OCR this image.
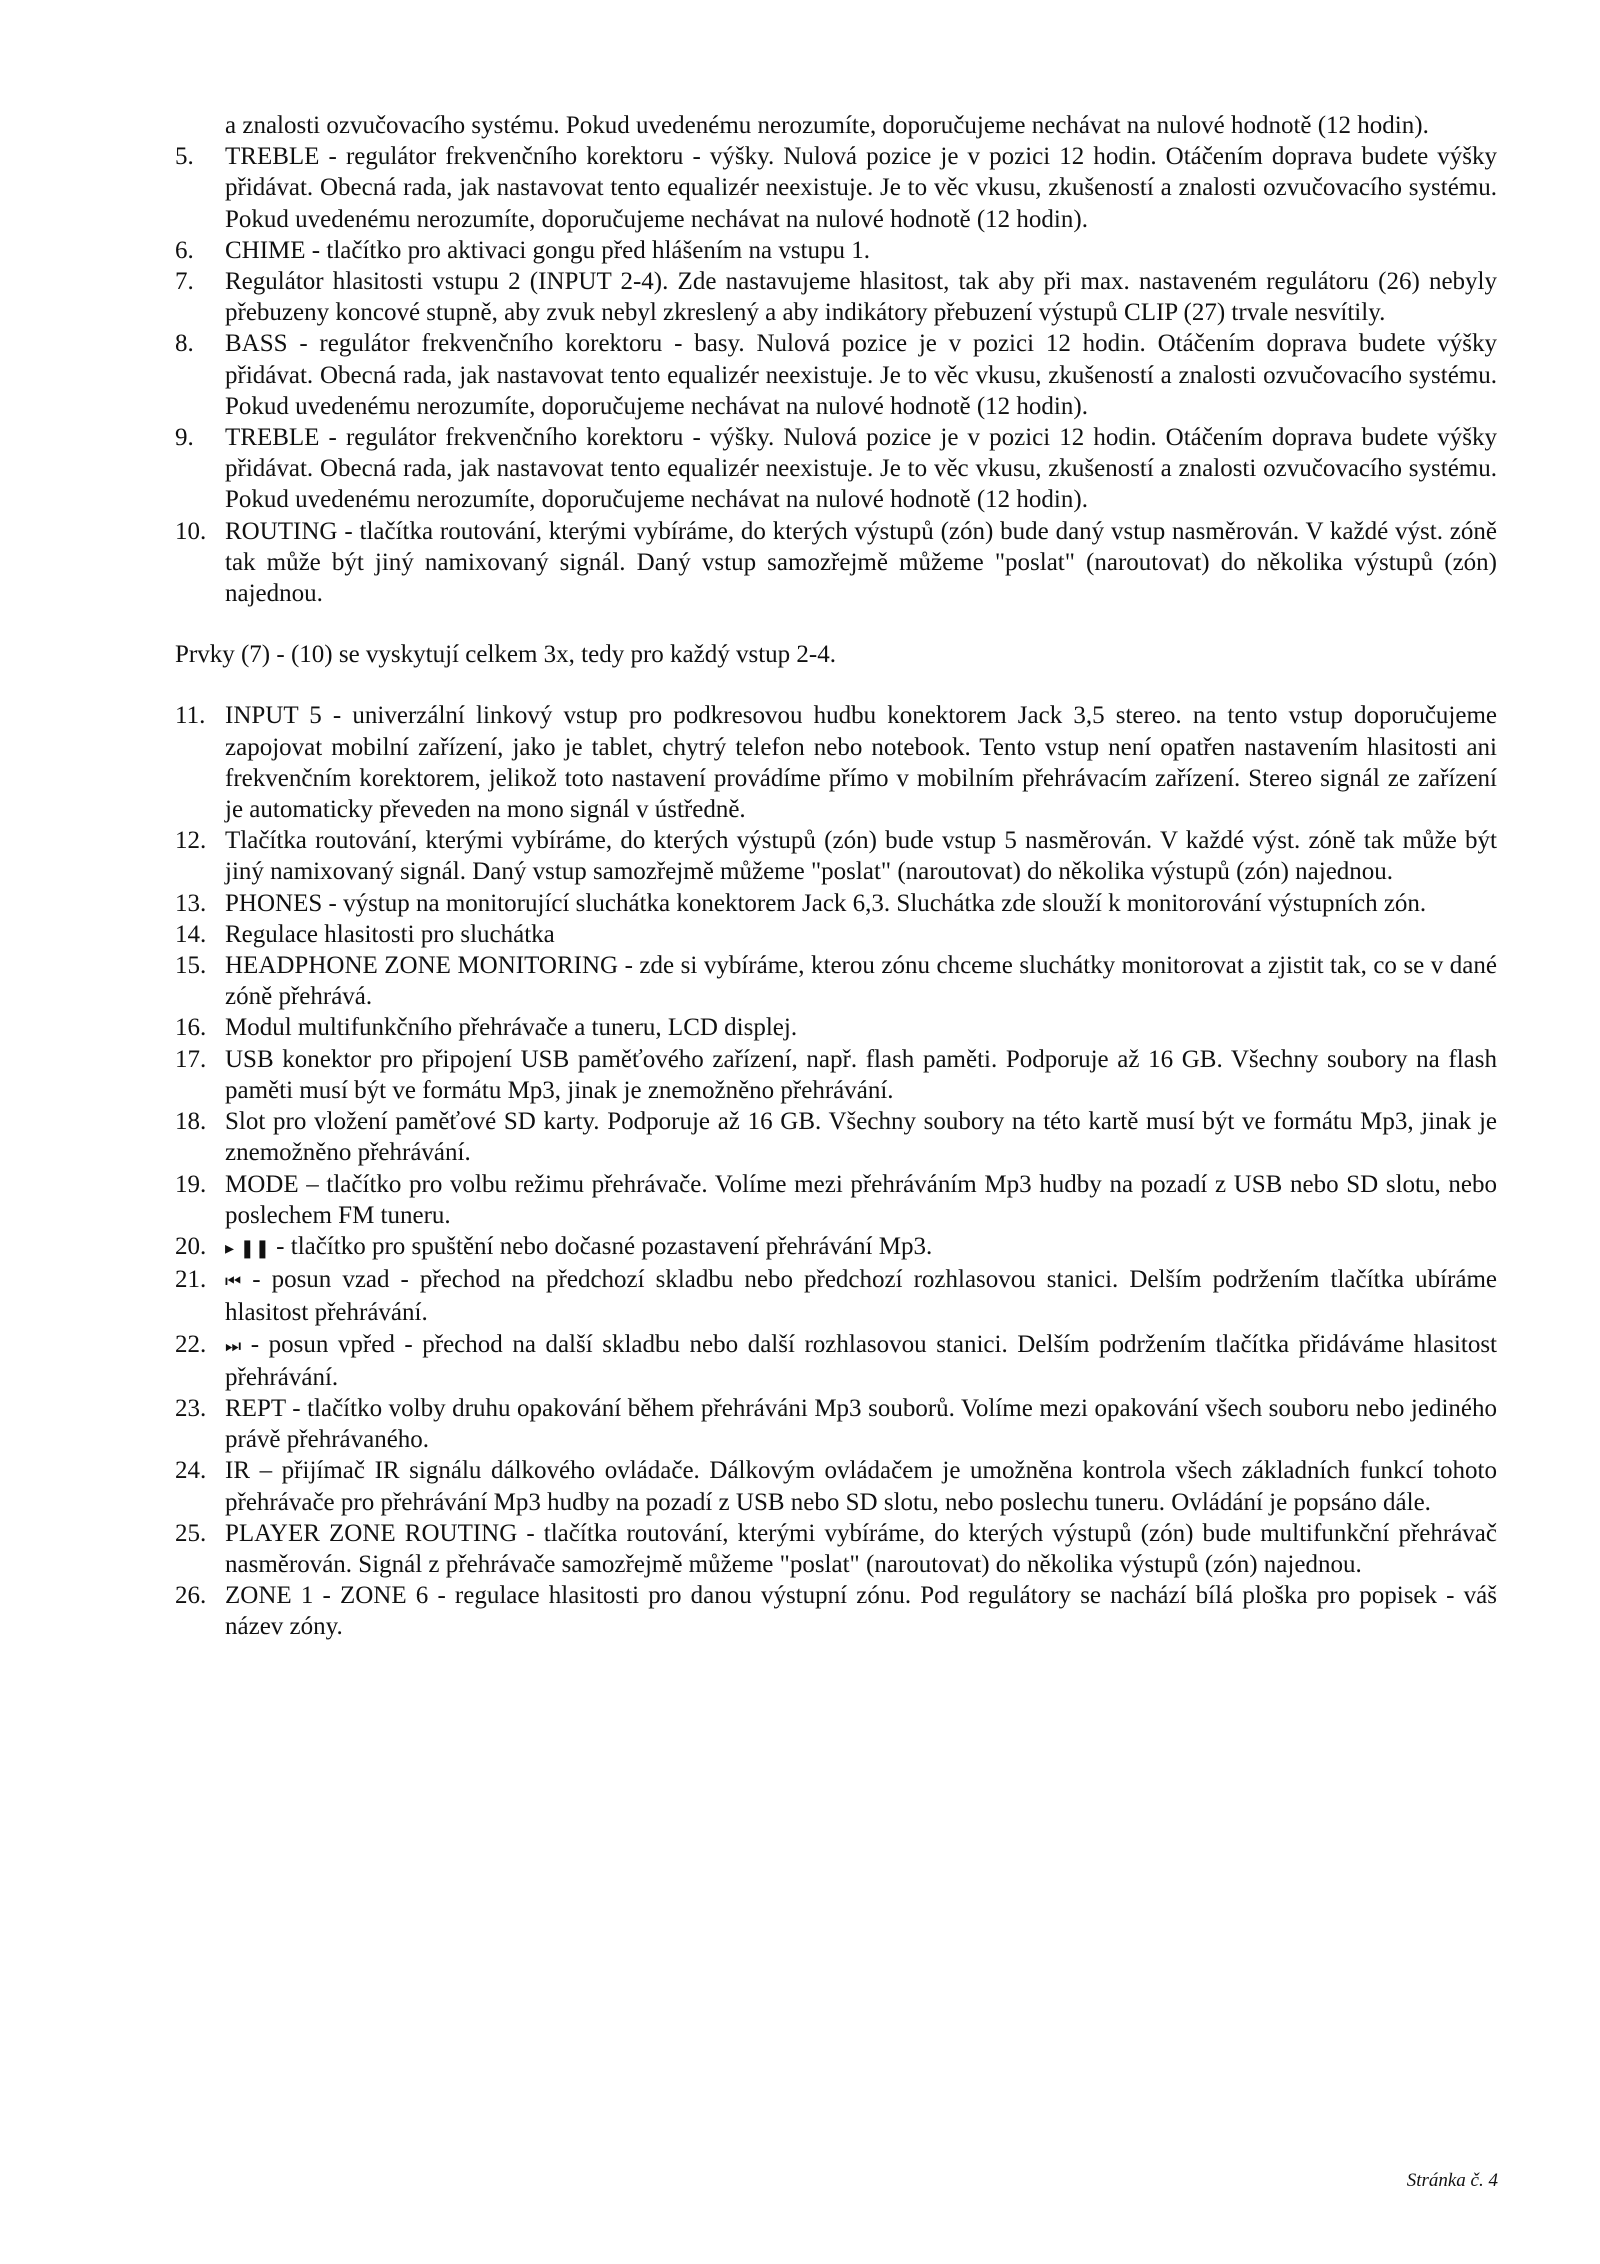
a znalosti ozvučovacího systému. Pokud uvedenému nerozumíte, doporučujeme nechávat na nulové hodnotě (12 hodin).
5.	TREBLE - regulátor frekvenčního korektoru - výšky. Nulová pozice je v pozici 12 hodin. Otáčením doprava budete výšky přidávat. Obecná rada, jak nastavovat tento equalizér neexistuje. Je to věc vkusu, zkušeností a znalosti ozvučovacího systému. Pokud uvedenému nerozumíte, doporučujeme nechávat na nulové hodnotě (12 hodin).
6.	CHIME - tlačítko pro aktivaci gongu před hlášením na vstupu 1.
7.	Regulátor hlasitosti vstupu 2 (INPUT 2-4). Zde nastavujeme hlasitost, tak aby při max. nastaveném regulátoru (26) nebyly přebuzeny koncové stupně, aby zvuk nebyl zkreslený a aby indikátory přebuzení výstupů CLIP (27) trvale nesvítily.
8.	BASS - regulátor frekvenčního korektoru - basy. Nulová pozice je v pozici 12 hodin. Otáčením doprava budete výšky přidávat. Obecná rada, jak nastavovat tento equalizér neexistuje. Je to věc vkusu, zkušeností a znalosti ozvučovacího systému. Pokud uvedenému nerozumíte, doporučujeme nechávat na nulové hodnotě (12 hodin).
9.	TREBLE - regulátor frekvenčního korektoru - výšky. Nulová pozice je v pozici 12 hodin. Otáčením doprava budete výšky přidávat. Obecná rada, jak nastavovat tento equalizér neexistuje. Je to věc vkusu, zkušeností a znalosti ozvučovacího systému. Pokud uvedenému nerozumíte, doporučujeme nechávat na nulové hodnotě (12 hodin).
10. ROUTING - tlačítka routování, kterými vybíráme, do kterých výstupů (zón) bude daný vstup nasměrován. V každé výst. zóně tak může být jiný namixovaný signál. Daný vstup samozřejmě můžeme "poslat" (naroutovat) do několika výstupů (zón) najednou.
Prvky (7) - (10) se vyskytují celkem 3x, tedy pro každý vstup 2-4.
11. INPUT 5 - univerzální linkový vstup pro podkresovou hudbu konektorem Jack 3,5 stereo. na tento vstup doporučujeme zapojovat mobilní zařízení, jako je tablet, chytrý telefon nebo notebook. Tento vstup není opatřen nastavením hlasitosti ani frekvenčním korektorem, jelikož toto nastavení provádíme přímo v mobilním přehrávacím zařízení. Stereo signál ze zařízení je automaticky převeden na mono signál v ústředně.
12. Tlačítka routování, kterými vybíráme, do kterých výstupů (zón) bude vstup 5 nasměrován. V každé výst. zóně tak může být jiný namixovaný signál. Daný vstup samozřejmě můžeme "poslat" (naroutovat) do několika výstupů (zón) najednou.
13. PHONES - výstup na monitorující sluchátka konektorem Jack 6,3. Sluchátka zde slouží k monitorování výstupních zón.
14. Regulace hlasitosti pro sluchátka
15. HEADPHONE ZONE MONITORING - zde si vybíráme, kterou zónu chceme sluchátky monitorovat a zjistit tak, co se v dané zóně přehrává.
16. Modul multifunkčního přehrávače a tuneru, LCD displej.
17. USB konektor pro připojení USB paměťového zařízení, např. flash paměti. Podporuje až 16 GB. Všechny soubory na flash paměti musí být ve formátu Mp3, jinak je znemožněno přehrávání.
18. Slot pro vložení paměťové SD karty. Podporuje až 16 GB. Všechny soubory na této kartě musí být ve formátu Mp3, jinak je znemožněno přehrávání.
19. MODE – tlačítko pro volbu režimu přehrávače. Volíme mezi přehráváním Mp3 hudby na pozadí z USB nebo SD slotu, nebo poslechem FM tuneru.
20.	▸ ❚❚ - tlačítko pro spuštění nebo dočasné pozastavení přehrávání Mp3.
21.	⏮ - posun vzad - přechod na předchozí skladbu nebo předchozí rozhlasovou stanici. Delším podržením tlačítka ubíráme hlasitost přehrávání.
22.	⏭ - posun vpřed - přechod na další skladbu nebo další rozhlasovou stanici. Delším podržením tlačítka přidáváme hlasitost přehrávání.
23. REPT - tlačítko volby druhu opakování během přehráváni Mp3 souborů. Volíme mezi opakování všech souboru nebo jediného právě přehrávaného.
24. IR – přijímač IR signálu dálkového ovládače. Dálkovým ovládačem je umožněna kontrola všech základních funkcí tohoto přehrávače pro přehrávání Mp3 hudby na pozadí z USB nebo SD slotu, nebo poslechu tuneru. Ovládání je popsáno dále.
25. PLAYER ZONE ROUTING - tlačítka routování, kterými vybíráme, do kterých výstupů (zón) bude multifunkční přehrávač nasměrován. Signál z přehrávače samozřejmě můžeme "poslat" (naroutovat) do několika výstupů (zón) najednou.
26. ZONE 1 - ZONE 6 - regulace hlasitosti pro danou výstupní zónu. Pod regulátory se nachází bílá ploška pro popisek - váš název zóny.
Stránka č. 4
